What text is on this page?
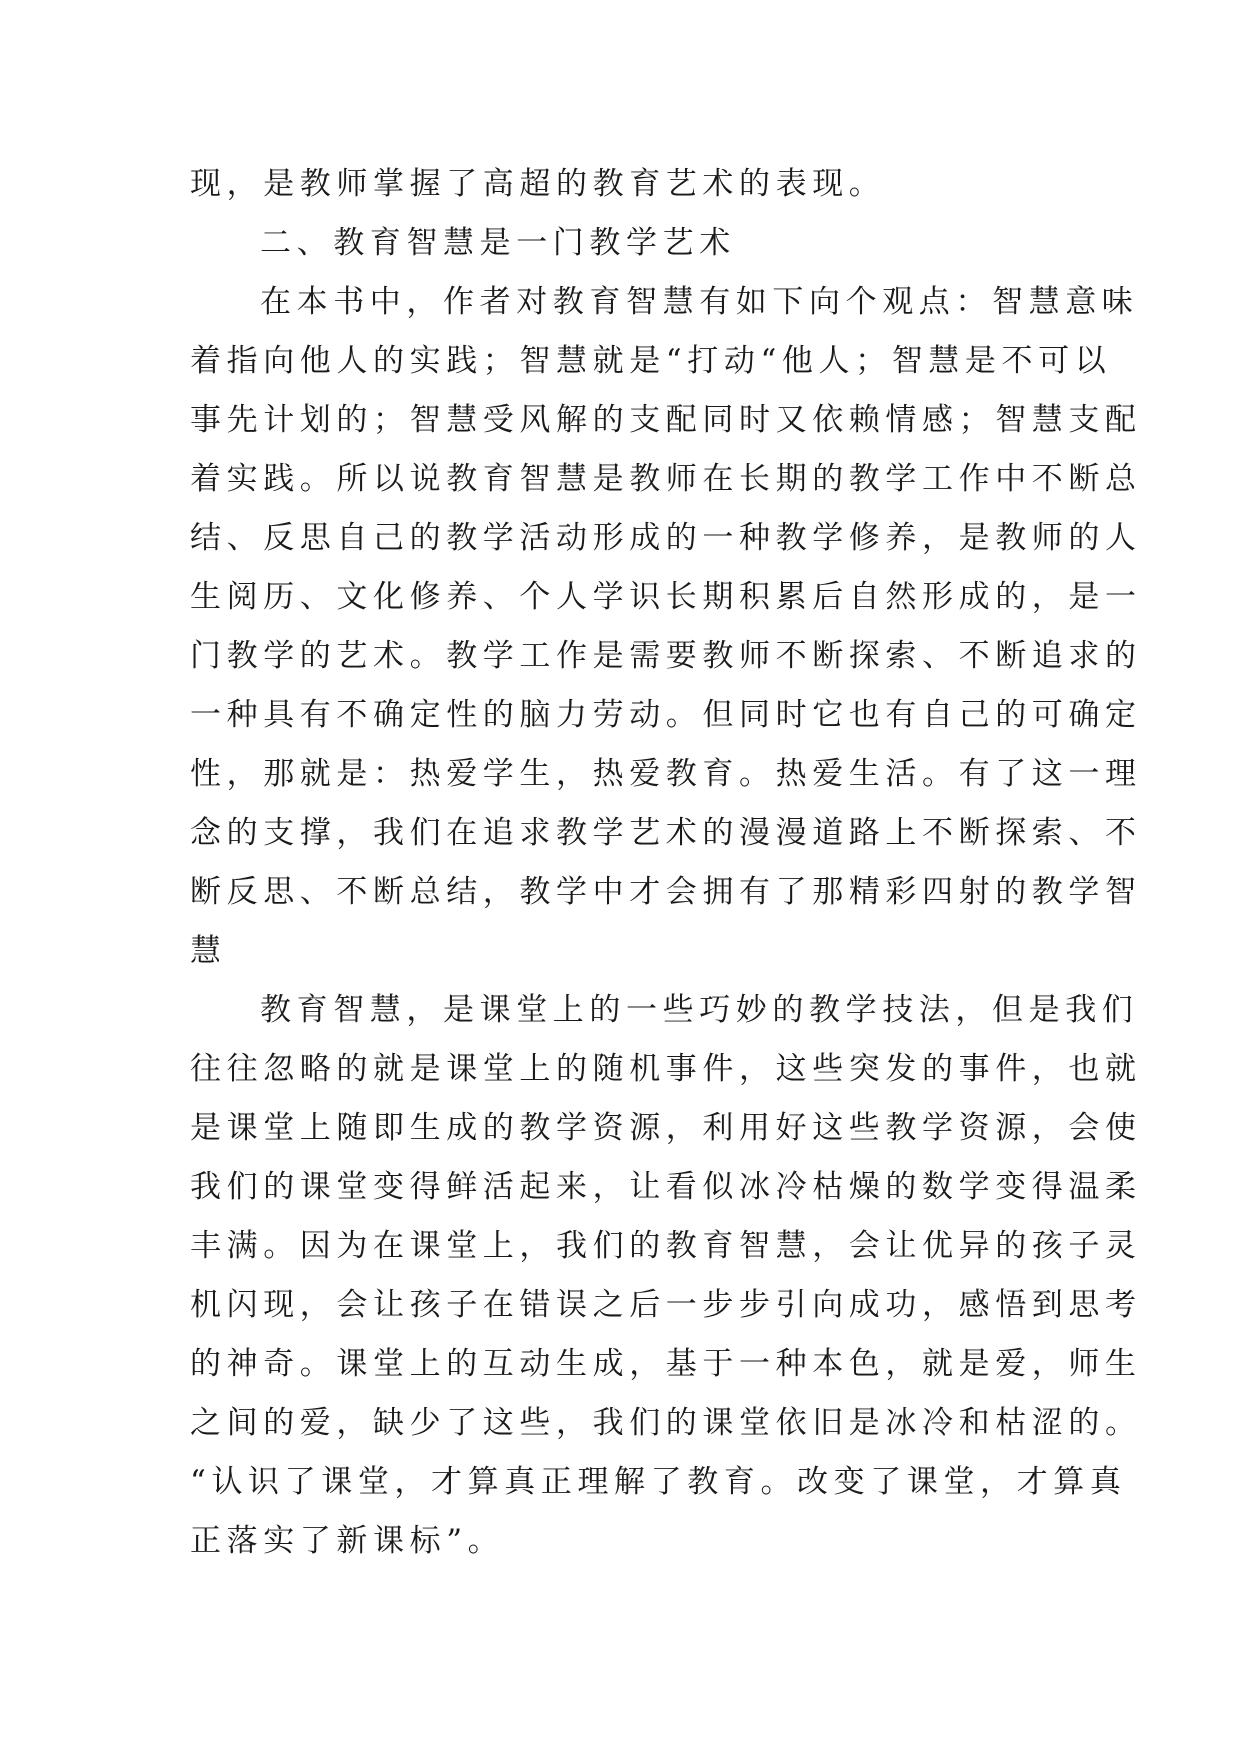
现，是教师掌握了高超的教育艺术的表现。
二、教育智慧是一门教学艺术
在本书中，作者对教育智慧有如下向个观点：智慧意味
着指向他人的实践；智慧就是“打动“他人；智慧是不可以
事先计划的；智慧受风解的支配同时又依赖情感；智慧支配
着实践。所以说教育智慧是教师在长期的教学工作中不断总
结、反思自己的教学活动形成的一种教学修养，是教师的人
生阅历、文化修养、个人学识长期积累后自然形成的，是一
门教学的艺术。教学工作是需要教师不断探索、不断追求的
一种具有不确定性的脑力劳动。但同时它也有自己的可确定
性，那就是：热爱学生，热爱教育。热爱生活。有了这一理
念的支撑，我们在追求教学艺术的漫漫道路上不断探索、不
断反思、不断总结，教学中才会拥有了那精彩四射的教学智
慧
教育智慧，是课堂上的一些巧妙的教学技法，但是我们
往往忽略的就是课堂上的随机事件，这些突发的事件，也就
是课堂上随即生成的教学资源，利用好这些教学资源，会使
我们的课堂变得鲜活起来，让看似冰冷枯燥的数学变得温柔
丰满。因为在课堂上，我们的教育智慧，会让优异的孩子灵
机闪现，会让孩子在错误之后一步步引向成功，感悟到思考
的神奇。课堂上的互动生成，基于一种本色，就是爱，师生
之间的爱，缺少了这些，我们的课堂依旧是冰冷和枯涩的。
“认识了课堂，才算真正理解了教育。改变了课堂，才算真
正落实了新课标”。
